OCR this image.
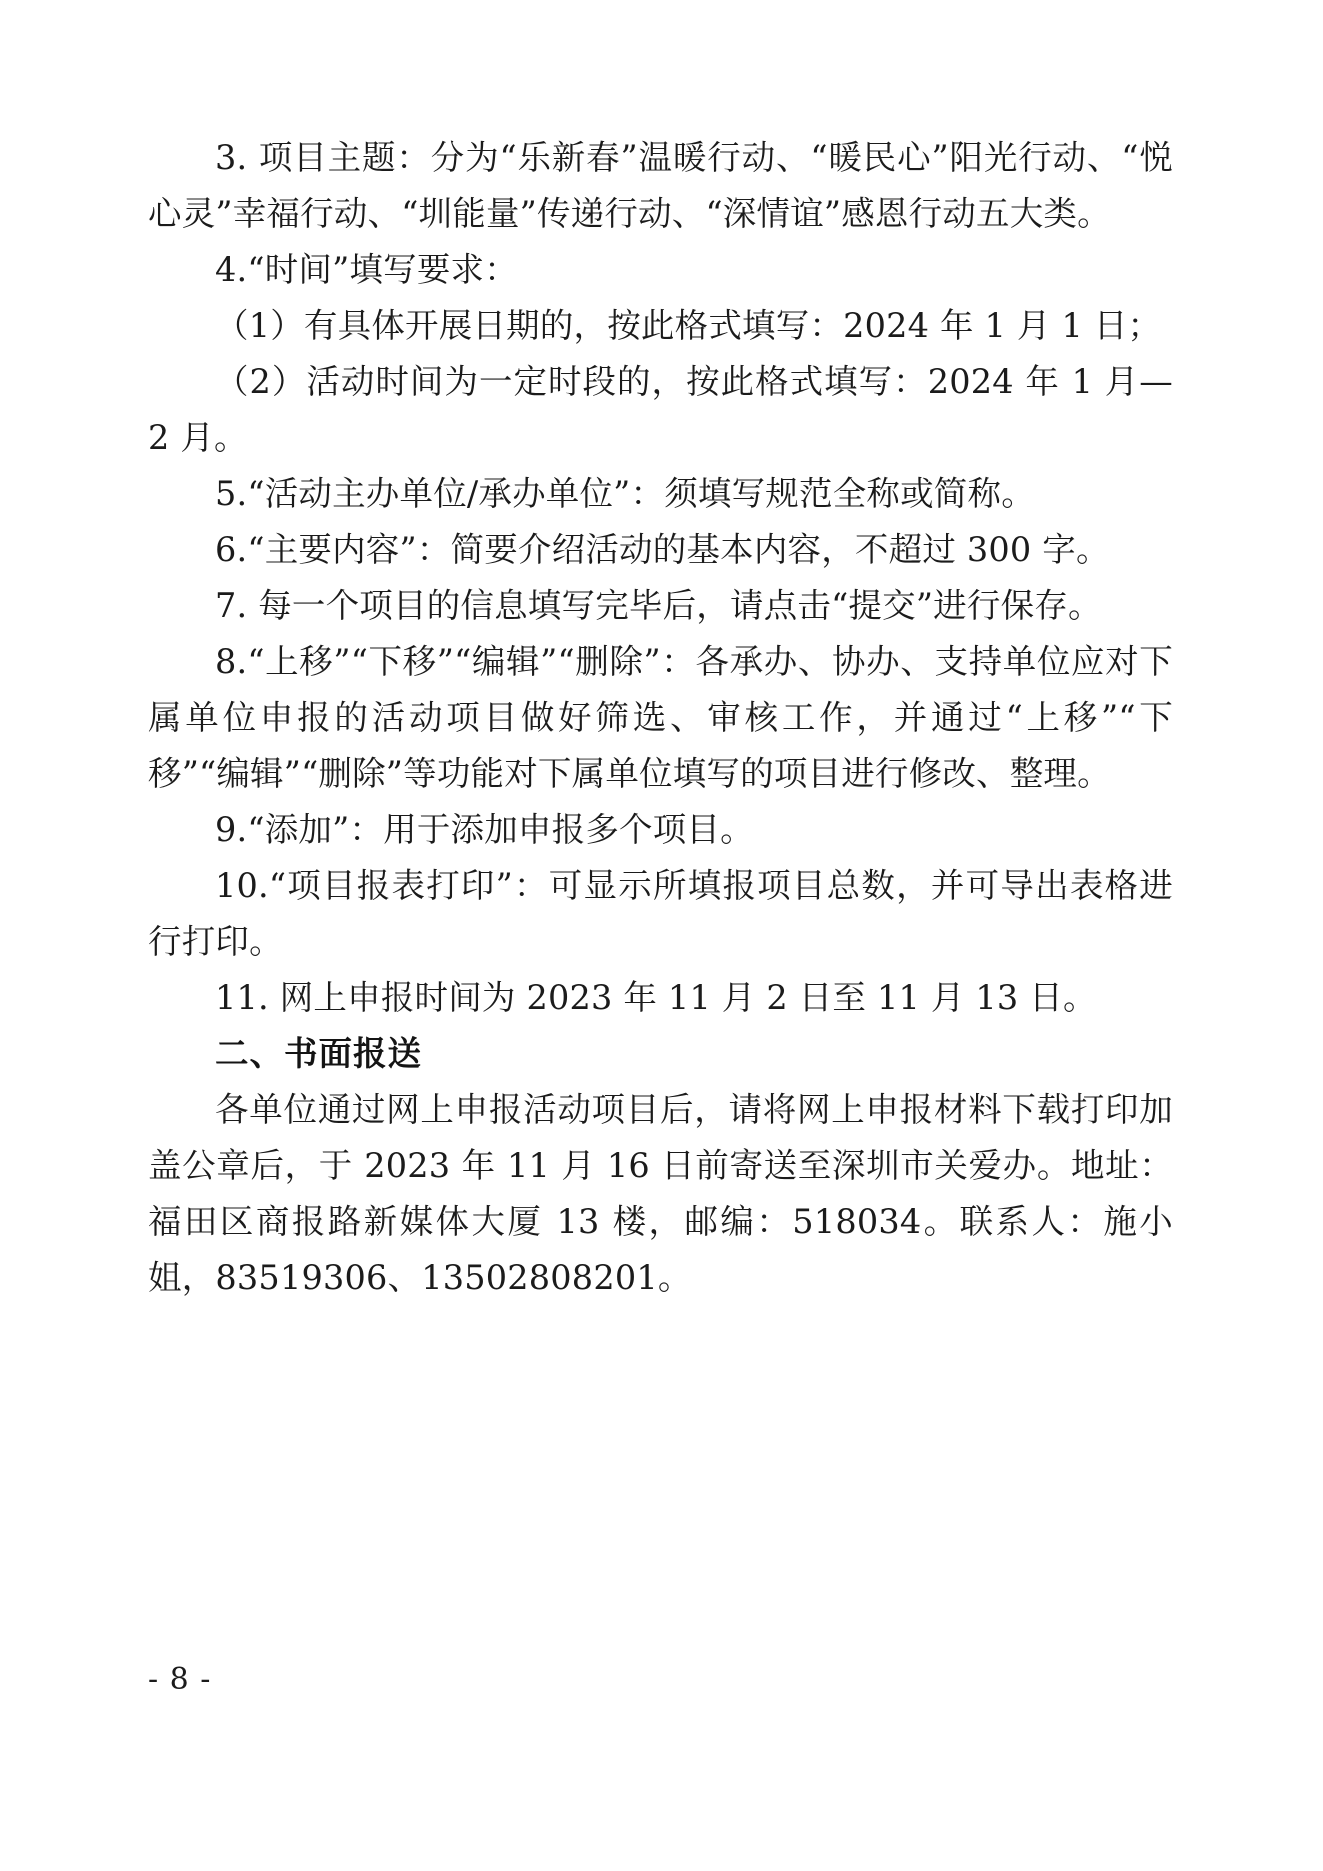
3. 项目主题：分为“乐新春”温暖行动、“暖民心”阳光行动、“悦心灵”幸福行动、“圳能量”传递行动、“深情谊”感恩行动五大类。

4.“时间”填写要求：

（1）有具体开展日期的，按此格式填写：2024 年 1 月 1 日；

（2）活动时间为一定时段的，按此格式填写：2024 年 1 月—2 月。

5.“活动主办单位/承办单位”：须填写规范全称或简称。

6.“主要内容”：简要介绍活动的基本内容，不超过 300 字。

7. 每一个项目的信息填写完毕后，请点击“提交”进行保存。

8.“上移”“下移”“编辑”“删除”：各承办、协办、支持单位应对下属单位申报的活动项目做好筛选、审核工作，并通过“上移”“下移”“编辑”“删除”等功能对下属单位填写的项目进行修改、整理。

9.“添加”：用于添加申报多个项目。

10.“项目报表打印”：可显示所填报项目总数，并可导出表格进行打印。

11. 网上申报时间为 2023 年 11 月 2 日至 11 月 13 日。

二、书面报送

各单位通过网上申报活动项目后，请将网上申报材料下载打印加盖公章后，于 2023 年 11 月 16 日前寄送至深圳市关爱办。地址：福田区商报路新媒体大厦 13 楼，邮编：518034。联系人：施小姐，83519306、13502808201。

- 8 -
